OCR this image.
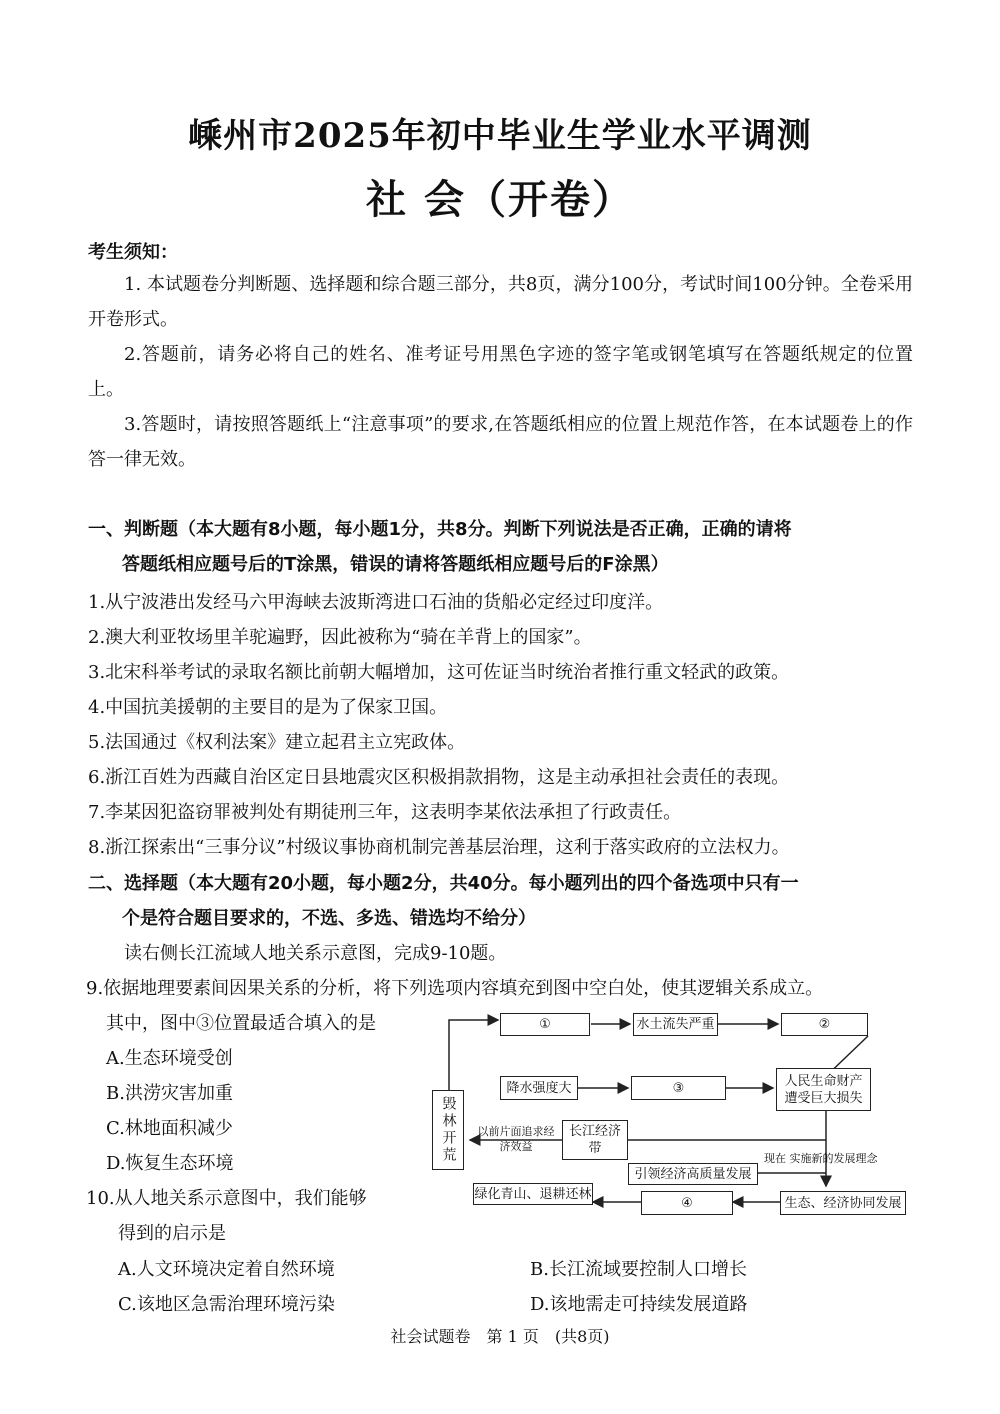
嵊州市2025年初中毕业生学业水平调测
社 会（开卷）
考生须知：
1. 本试题卷分判断题、选择题和综合题三部分，共8页，满分100分，考试时间100分钟。全卷采用开卷形式。
2.答题前，请务必将自己的姓名、准考证号用黑色字迹的签字笔或钢笔填写在答题纸规定的位置上。
3.答题时，请按照答题纸上“注意事项”的要求,在答题纸相应的位置上规范作答，在本试题卷上的作答一律无效。
一、判断题（本大题有8小题，每小题1分，共8分。判断下列说法是否正确，正确的请将
答题纸相应题号后的T涂黑，错误的请将答题纸相应题号后的F涂黑）
1.从宁波港出发经马六甲海峡去波斯湾进口石油的货船必定经过印度洋。
2.澳大利亚牧场里羊驼遍野，因此被称为“骑在羊背上的国家”。
3.北宋科举考试的录取名额比前朝大幅增加，这可佐证当时统治者推行重文轻武的政策。
4.中国抗美援朝的主要目的是为了保家卫国。
5.法国通过《权利法案》建立起君主立宪政体。
6.浙江百姓为西藏自治区定日县地震灾区积极捐款捐物，这是主动承担社会责任的表现。
7.李某因犯盗窃罪被判处有期徒刑三年，这表明李某依法承担了行政责任。
8.浙江探索出“三事分议”村级议事协商机制完善基层治理，这利于落实政府的立法权力。
二、选择题（本大题有20小题，每小题2分，共40分。每小题列出的四个备选项中只有一
个是符合题目要求的，不选、多选、错选均不给分）
读右侧长江流域人地关系示意图，完成9-10题。
9.依据地理要素间因果关系的分析，将下列选项内容填充到图中空白处，使其逻辑关系成立。
其中，图中③位置最适合填入的是
A.生态环境受创
B.洪涝灾害加重
C.林地面积减少
D.恢复生态环境
10.从人地关系示意图中，我们能够
得到的启示是
A.人文环境决定着自然环境	B.长江流域要控制人口增长
C.该地区急需治理环境污染	D.该地需走可持续发展道路
①	水土流失严重	②
降水强度大	③	人民生命财产遭受巨大损失
毁林开荒	长江经济带
以前片面追求经济效益
现在 实施新的发展理念
引领经济高质量发展
绿化青山、退耕还林
④	生态、经济协同发展
社会试题卷　第 1 页　(共8页)
